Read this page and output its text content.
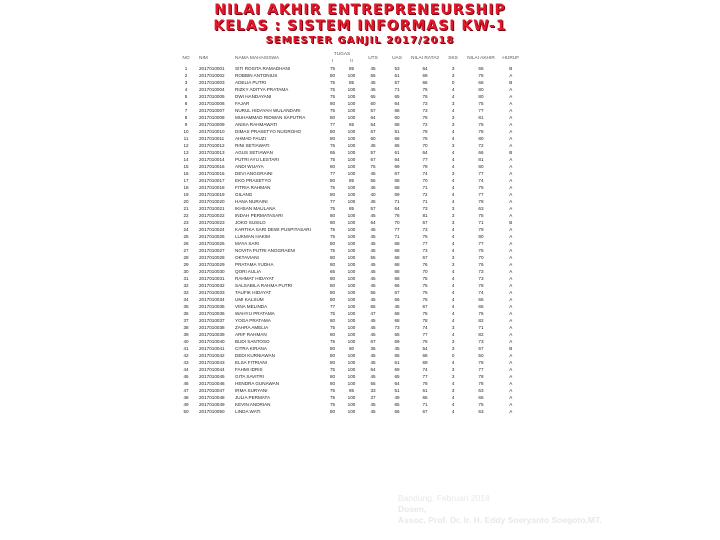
NILAI AKHIR ENTREPRENEURSHIP
KELAS : SISTEM INFORMASI KW-1
SEMESTER GANJIL 2017/2018
NO	NIM	NAMA MAHASISWA	TUGAS		UTS	UAS	NILAI RATA2	SKS	NILAI AKHIR	HURUF
			I	II						
1	2017010001	SITI ROSITA RAMADHANI	75	85	45	53	64	3	66	B
2	2017010002	ROBBIN ANTONIUS	80	100	55	61	69	3	76	A
3	2017010003	ADELIA PUTRI	75	85	45	57	66	0	66	B
4	2017010004	RIZKY ADITYA PRATAMA	75	100	45	71	75	4	80	A
5	2017010005	DWI HANDAYANI	75	100	65	65	76	4	80	A
6	2017010006	FAJAR	80	100	60	64	73	3	75	A
7	2017010007	NURUL HIDAYAH WULANDARI	75	100	57	68	73	4	77	A
8	2017010008	MUHAMMAD RIDWAN SAPUTRA	80	100	64	60	76	3	81	A
9	2017010009	ANISA RAHMAWATI	77	65	54	68	72	3	76	A
10	2017010010	DIMAS PRASETYO NUGROHO	80	100	67	81	78	4	78	A
11	2017010011	AHMAD FAUZI	80	100	60	66	76	4	80	A
12	2017010012	RINI SETIAWATI	75	100	45	65	70	3	72	A
13	2017010013	AGUS SETIAWAN	65	100	57	61	64	4	66	B
14	2017010014	PUTRI AYU LESTARI	75	100	67	64	77	4	81	A
15	2017010015	ANDI WIJAYA	80	100	75	69	78	4	80	A
16	2017010016	DEVI ANGGRAINI	77	100	45	67	74	3	77	A
17	2017010017	EKO PRASETYO	80	85	55	68	70	4	74	A
18	2017010018	FITRIA RAHMAN	75	100	46	68	71	4	75	A
19	2017010019	GILANG	80	100	40	69	72	4	77	A
20	2017010020	HANA NURAINI	77	100	45	71	71	4	78	A
21	2017010021	IKHSAN MAULANA	75	85	57	64	73	3	63	A
22	2017010022	INDAH PERMATASARI	80	100	45	76	81	3	75	A
23	2017010023	JOKO SUSILO	80	100	64	70	67	3	71	B
24	2017010024	KARTIKA SARI DEWI PUSPITASARI	75	100	45	77	73	4	79	A
25	2017010025	LUKMAN HAKIM	75	100	45	71	76	4	80	A
26	2017010026	MAYA SARI	80	100	45	68	77	4	77	A
27	2017010027	NOVITA PUTRI ANGGRAENI	75	100	45	68	73	4	76	A
28	2017010028	OKTAVIANI	80	100	55	68	67	3	70	A
29	2017010029	PRATAMA YUDHA	80	100	45	68	76	3	76	A
30	2017010030	QORI AULIA	65	100	45	68	70	4	73	A
31	2017010031	RAHMAT HIDAYAT	80	100	45	68	75	4	73	A
32	2017010032	SALSABILA RAHMA PUTRI	80	100	45	66	75	4	78	A
33	2017010033	TAUFIK HIDAYAT	80	100	55	67	76	4	74	A
34	2017010034	UMI KALSUM	80	100	45	66	76	4	65	A
35	2017010035	VINA MELINDA	77	100	65	45	67	4	65	A
36	2017010036	WAHYU PRATAMA	75	100	47	68	75	4	76	A
37	2017010037	YOGA PRATAMA	80	100	45	68	78	4	82	A
38	2017010038	ZAHRA AMELIA	75	100	45	73	74	3	71	A
39	2017010039	ARIF RAHMAN	80	100	45	65	77	4	82	A
40	2017010040	BUDI SANTOSO	75	100	67	69	76	3	73	A
41	2017010041	CITRA KIRANA	80	60	35	45	54	3	67	B
42	2017010042	DEDI KURNIAWAN	80	100	45	65	68	0	50	A
43	2017010043	ELSA FITRIANI	80	100	45	61	69	4	78	A
44	2017010044	FAHMI IDRIS	75	100	64	69	74	3	77	A
45	2017010045	GITA SAVITRI	80	100	45	65	77	3	78	A
46	2017010046	HENDRA GUNAWAN	80	100	55	64	78	4	78	A
47	2017010047	IRMA SURYANI	75	85	33	51	61	3	63	A
48	2017010048	JULIA PERMATA	75	100	37	49	65	4	65	A
49	2017010049	KEVIN ANDRIAN	75	100	45	65	71	4	75	A
50	2017010050	LINDA WATI	80	100	45	66	67	4	63	A
Bandung, Februari 2018
Dosen,
Assoc. Prof. Dr. Ir. H. Eddy Soeryanto Soegoto,MT.
